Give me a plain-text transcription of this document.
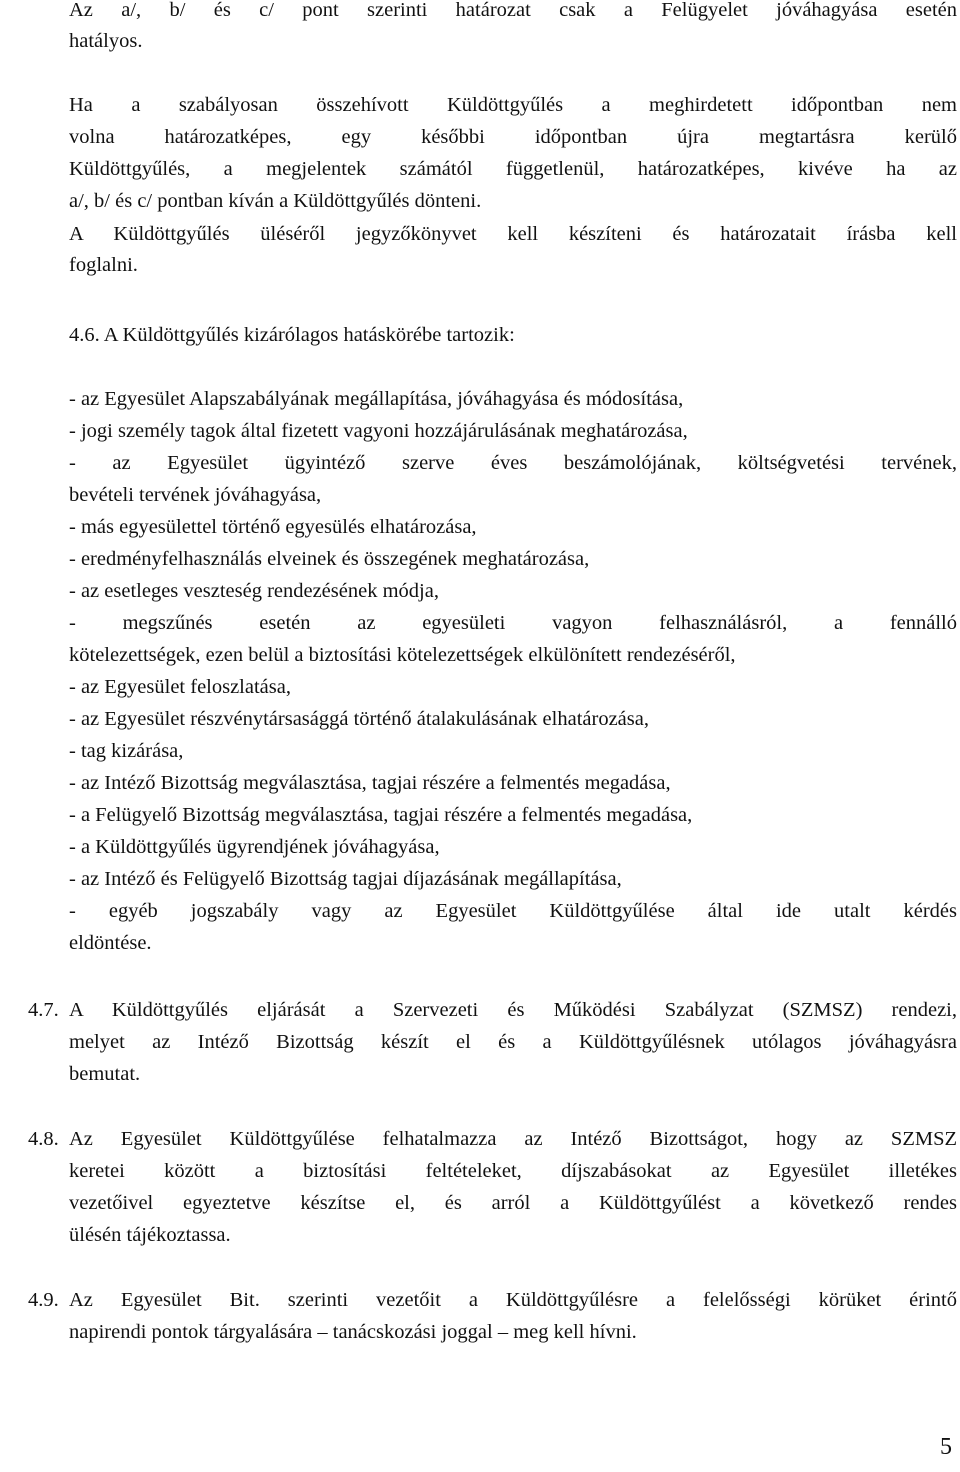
Az a/, b/ és c/ pont szerinti határozat csak a Felügyelet jóváhagyása esetén
hatályos.
Ha a szabályosan összehívott Küldöttgyűlés a meghirdetett időpontban nem
volna határozatképes, egy későbbi időpontban újra megtartásra kerülő
Küldöttgyűlés, a megjelentek számától függetlenül, határozatképes, kivéve ha az
a/, b/ és c/ pontban kíván a Küldöttgyűlés dönteni.
A Küldöttgyűlés üléséről jegyzőkönyvet kell készíteni és határozatait írásba kell
foglalni.
4.6. A Küldöttgyűlés kizárólagos hatáskörébe tartozik:
- az Egyesület Alapszabályának megállapítása, jóváhagyása és módosítása,
- jogi személy tagok által fizetett vagyoni hozzájárulásának meghatározása,
- az Egyesület ügyintéző szerve éves beszámolójának, költségvetési tervének,
bevételi tervének jóváhagyása,
- más egyesülettel történő egyesülés elhatározása,
- eredményfelhasználás elveinek és összegének meghatározása,
- az esetleges veszteség rendezésének módja,
- megszűnés esetén az egyesületi vagyon felhasználásról, a fennálló
kötelezettségek, ezen belül a biztosítási kötelezettségek elkülönített rendezéséről,
- az Egyesület feloszlatása,
- az Egyesület részvénytársasággá történő átalakulásának elhatározása,
- tag kizárása,
- az Intéző Bizottság megválasztása, tagjai részére a felmentés megadása,
- a Felügyelő Bizottság megválasztása, tagjai részére a felmentés megadása,
- a Küldöttgyűlés ügyrendjének jóváhagyása,
- az Intéző és Felügyelő Bizottság tagjai díjazásának megállapítása,
- egyéb jogszabály vagy az Egyesület Küldöttgyűlése által ide utalt kérdés
eldöntése.
4.7. A Küldöttgyűlés eljárását a Szervezeti és Működési Szabályzat (SZMSZ) rendezi,
melyet az Intéző Bizottság készít el és a Küldöttgyűlésnek utólagos jóváhagyásra
bemutat.
4.8. Az Egyesület Küldöttgyűlése felhatalmazza az Intéző Bizottságot, hogy az SZMSZ
keretei között a biztosítási feltételeket, díjszabásokat az Egyesület illetékes
vezetőivel egyeztetve készítse el, és arról a Küldöttgyűlést a következő rendes
ülésén tájékoztassa.
4.9. Az Egyesület Bit. szerinti vezetőit a Küldöttgyűlésre a felelősségi körüket érintő
napirendi pontok tárgyalására – tanácskozási joggal – meg kell hívni.
5
